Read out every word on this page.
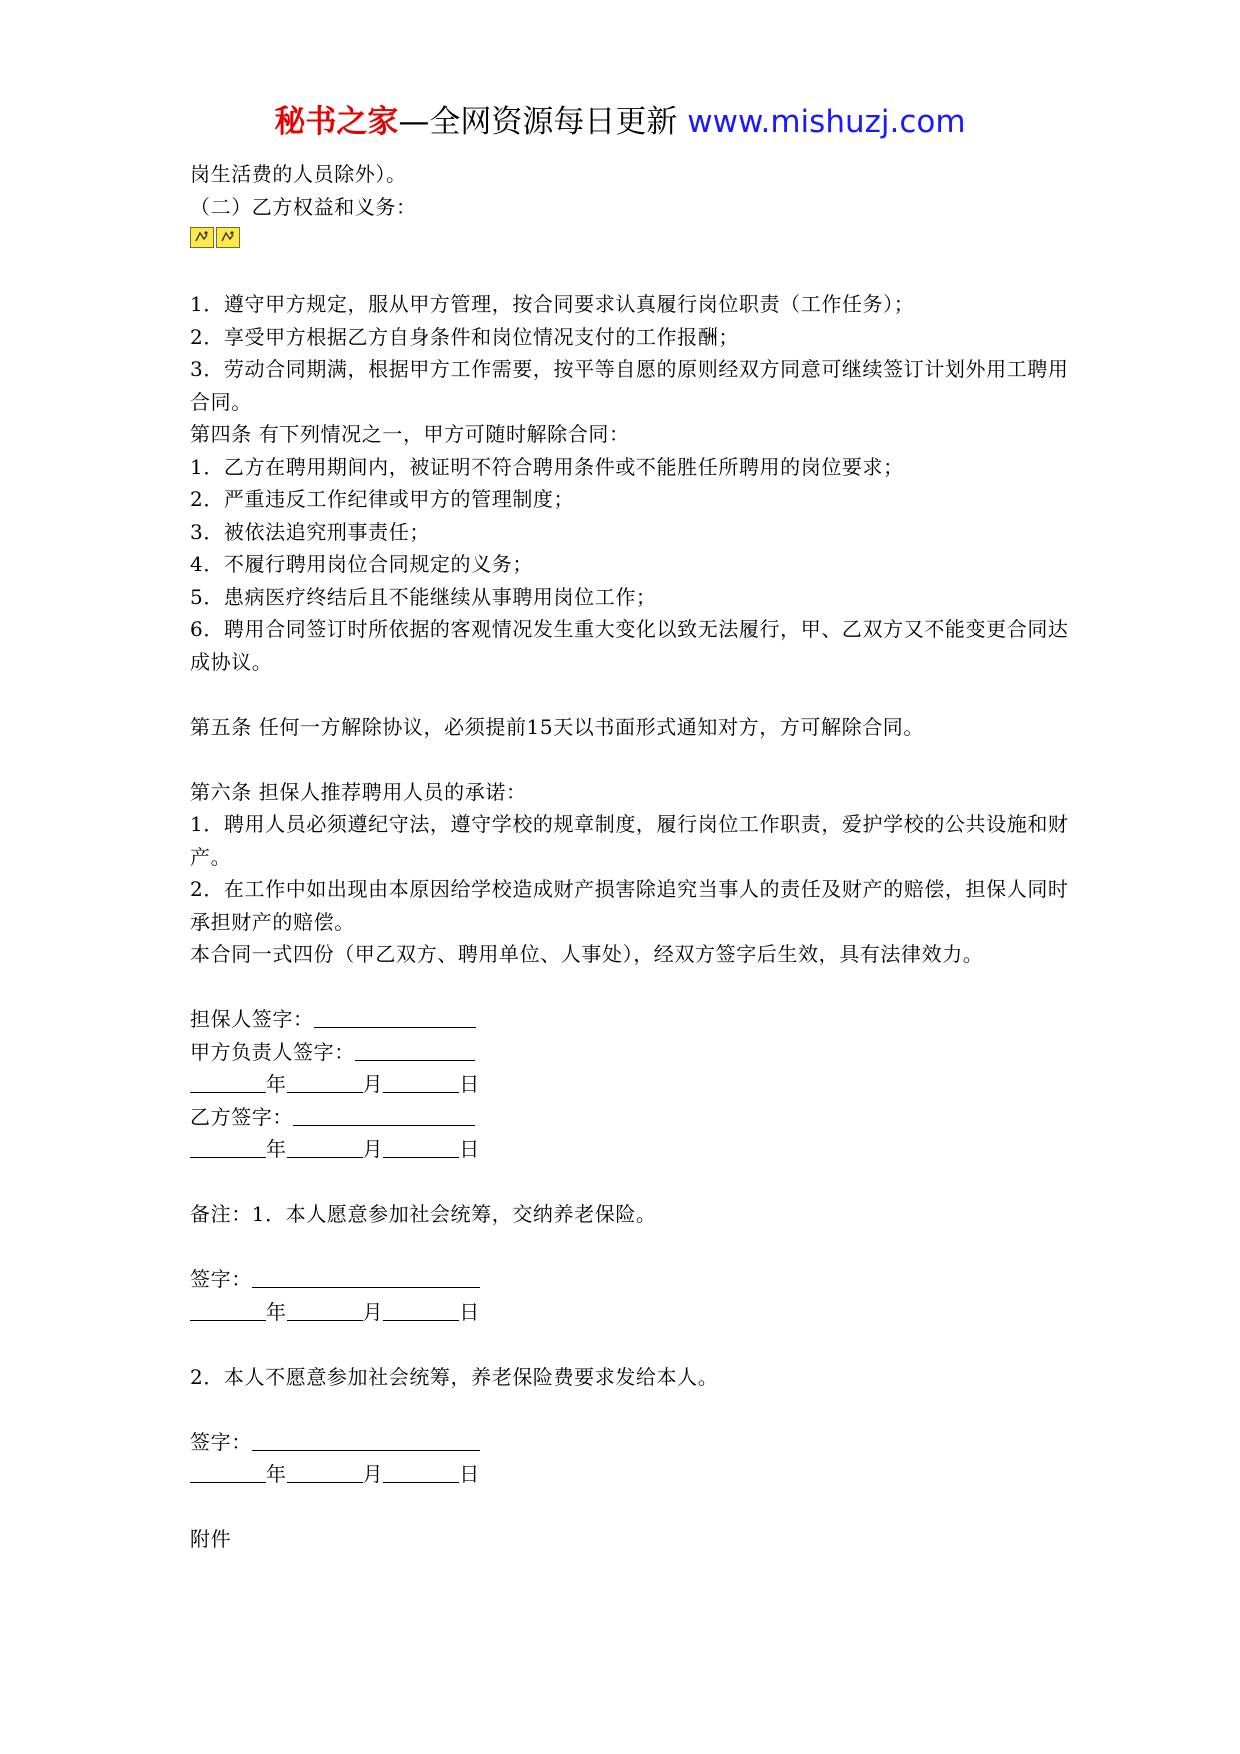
秘书之家—全网资源每日更新 www.mishuzj.com
岗生活费的人员除外）。
（二）乙方权益和义务：
1．遵守甲方规定，服从甲方管理，按合同要求认真履行岗位职责（工作任务）；
2．享受甲方根据乙方自身条件和岗位情况支付的工作报酬；
3．劳动合同期满，根据甲方工作需要，按平等自愿的原则经双方同意可继续签订计划外用工聘用合同。
第四条 有下列情况之一，甲方可随时解除合同：
1．乙方在聘用期间内，被证明不符合聘用条件或不能胜任所聘用的岗位要求；
2．严重违反工作纪律或甲方的管理制度；
3．被依法追究刑事责任；
4．不履行聘用岗位合同规定的义务；
5．患病医疗终结后且不能继续从事聘用岗位工作；
6．聘用合同签订时所依据的客观情况发生重大变化以致无法履行，甲、乙双方又不能变更合同达成协议。
第五条 任何一方解除协议，必须提前15天以书面形式通知对方，方可解除合同。
第六条 担保人推荐聘用人员的承诺：
1．聘用人员必须遵纪守法，遵守学校的规章制度，履行岗位工作职责，爱护学校的公共设施和财产。
2．在工作中如出现由本原因给学校造成财产损害除追究当事人的责任及财产的赔偿，担保人同时承担财产的赔偿。
本合同一式四份（甲乙双方、聘用单位、人事处），经双方签字后生效，具有法律效力。
担保人签字：
甲方负责人签字：
年	月	日
乙方签字：
年	月	日
备注：1．本人愿意参加社会统筹，交纳养老保险。
签字：
年	月	日
2．本人不愿意参加社会统筹，养老保险费要求发给本人。
签字：
年	月	日
附件
